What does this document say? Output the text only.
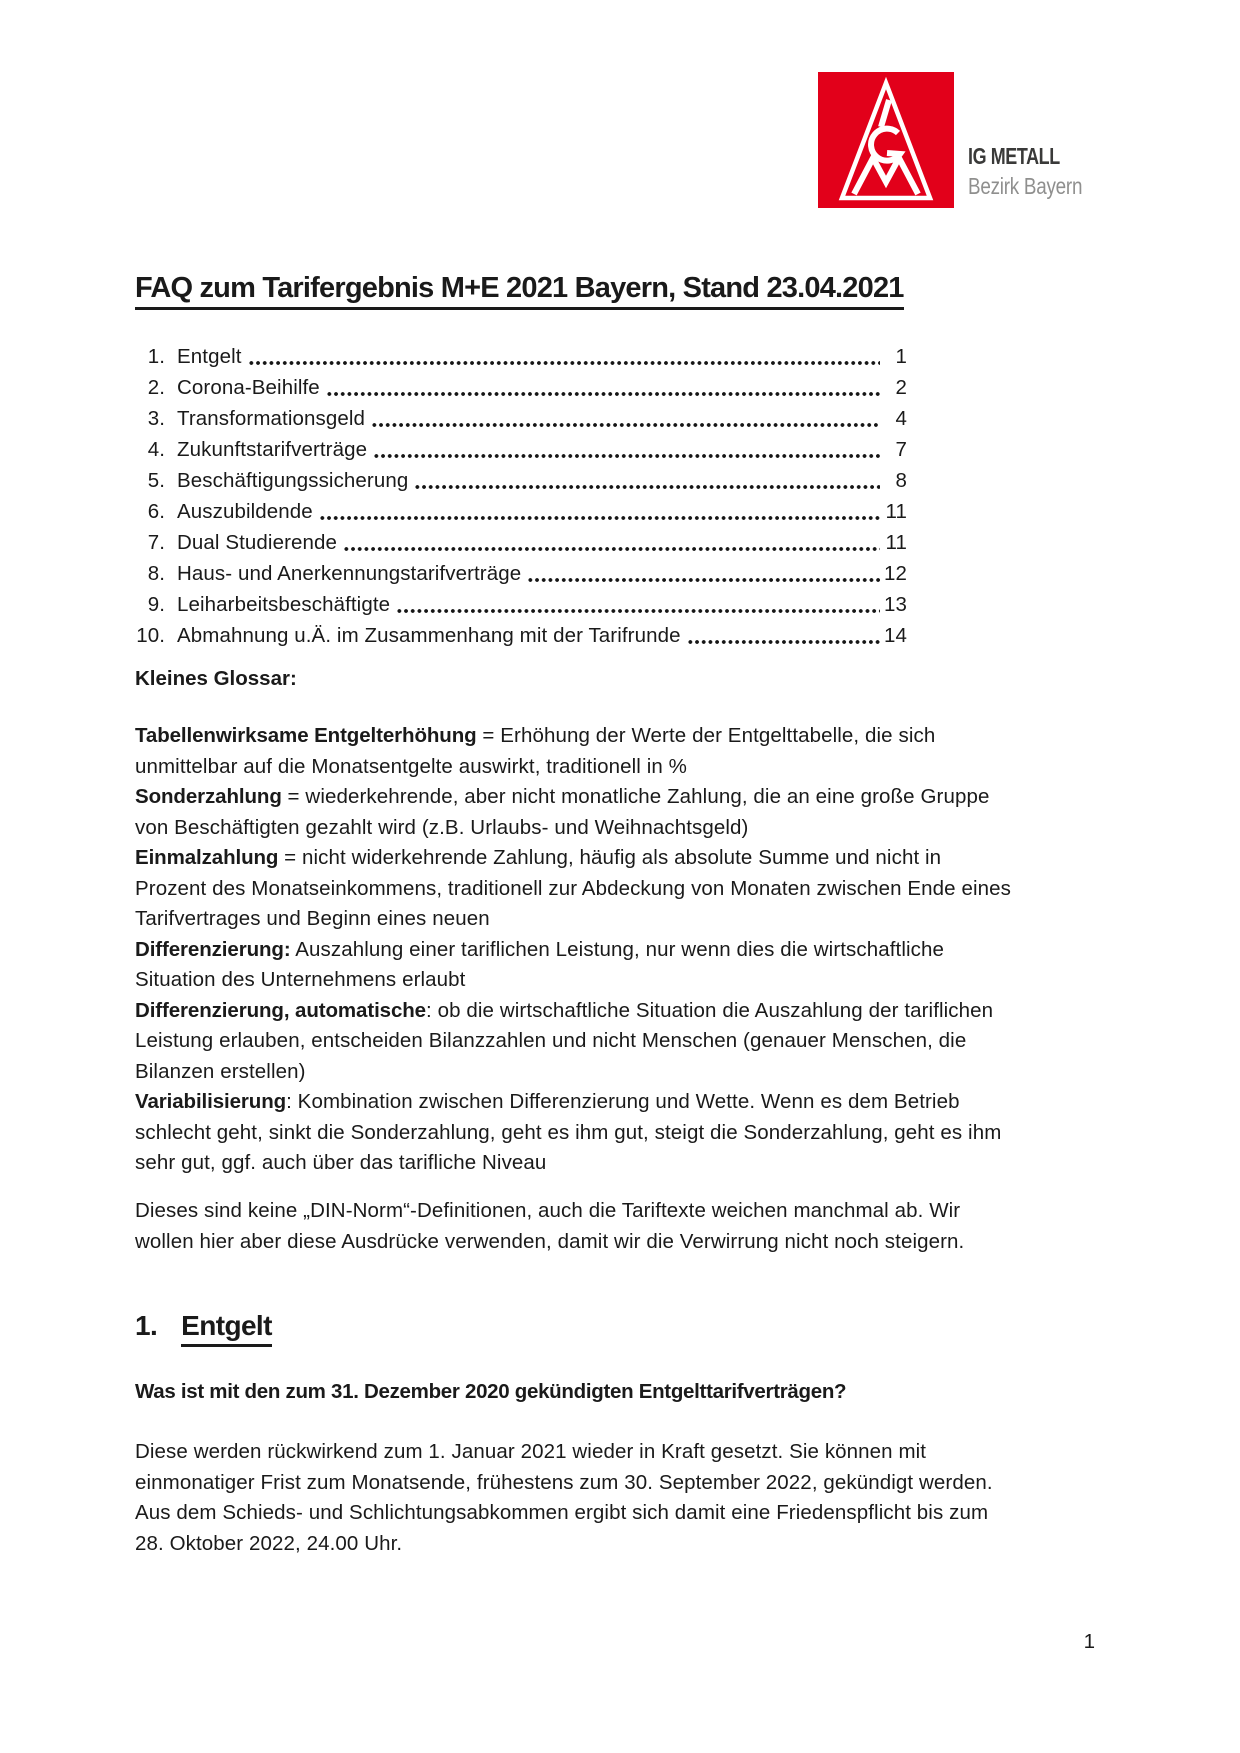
IG METALL
Bezirk Bayern
FAQ zum Tarifergebnis M+E 2021 Bayern, Stand 23.04.2021
1. Entgelt	1
2. Corona-Beihilfe	2
3. Transformationsgeld	4
4. Zukunftstarifverträge	7
5. Beschäftigungssicherung	8
6. Auszubildende	11
7. Dual Studierende	11
8. Haus- und Anerkennungstarifverträge	12
9. Leiharbeitsbeschäftigte	13
10. Abmahnung u.Ä. im Zusammenhang mit der Tarifrunde	14
Kleines Glossar:

Tabellenwirksame Entgelterhöhung = Erhöhung der Werte der Entgelttabelle, die sich
unmittelbar auf die Monatsentgelte auswirkt, traditionell in %

Sonderzahlung = wiederkehrende, aber nicht monatliche Zahlung, die an eine große Gruppe
von Beschäftigten gezahlt wird (z.B. Urlaubs- und Weihnachtsgeld)

Einmalzahlung = nicht widerkehrende Zahlung, häufig als absolute Summe und nicht in
Prozent des Monatseinkommens, traditionell zur Abdeckung von Monaten zwischen Ende eines
Tarifvertrages und Beginn eines neuen

Differenzierung: Auszahlung einer tariflichen Leistung, nur wenn dies die wirtschaftliche
Situation des Unternehmens erlaubt

Differenzierung, automatische: ob die wirtschaftliche Situation die Auszahlung der tariflichen
Leistung erlauben, entscheiden Bilanzzahlen und nicht Menschen (genauer Menschen, die
Bilanzen erstellen)

Variabilisierung: Kombination zwischen Differenzierung und Wette. Wenn es dem Betrieb
schlecht geht, sinkt die Sonderzahlung, geht es ihm gut, steigt die Sonderzahlung, geht es ihm
sehr gut, ggf. auch über das tarifliche Niveau

Dieses sind keine „DIN-Norm“-Definitionen, auch die Tariftexte weichen manchmal ab. Wir
wollen hier aber diese Ausdrücke verwenden, damit wir die Verwirrung nicht noch steigern.
1. Entgelt
Was ist mit den zum 31. Dezember 2020 gekündigten Entgelttarifverträgen?
Diese werden rückwirkend zum 1. Januar 2021 wieder in Kraft gesetzt. Sie können mit
einmonatiger Frist zum Monatsende, frühestens zum 30. September 2022, gekündigt werden.
Aus dem Schieds- und Schlichtungsabkommen ergibt sich damit eine Friedenspflicht bis zum
28. Oktober 2022, 24.00 Uhr.
1
